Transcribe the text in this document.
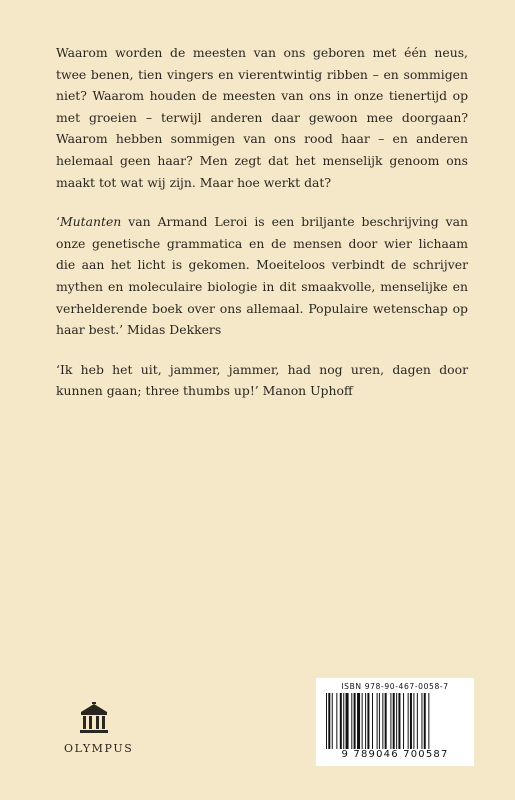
Waarom worden de meesten van ons geboren met één neus, twee benen, tien vingers en vierentwintig ribben – en sommigen niet? Waarom houden de meesten van ons in onze tienertijd op met groeien – terwijl anderen daar gewoon mee doorgaan? Waarom hebben sommigen van ons rood haar – en anderen helemaal geen haar? Men zegt dat het menselijk genoom ons maakt tot wat wij zijn. Maar hoe werkt dat?

‘Mutanten van Armand Leroi is een briljante beschrijving van onze genetische grammatica en de mensen door wier lichaam die aan het licht is gekomen. Moeiteloos verbindt de schrijver mythen en moleculaire biologie in dit smaakvolle, menselijke en verhelderende boek over ons allemaal. Populaire wetenschap op haar best.’ Midas Dekkers

‘Ik heb het uit, jammer, jammer, had nog uren, dagen door kunnen gaan; three thumbs up!’ Manon Uphoff

OLYMPUS
ISBN 978-90-467-0058-7
9 789046 700587
